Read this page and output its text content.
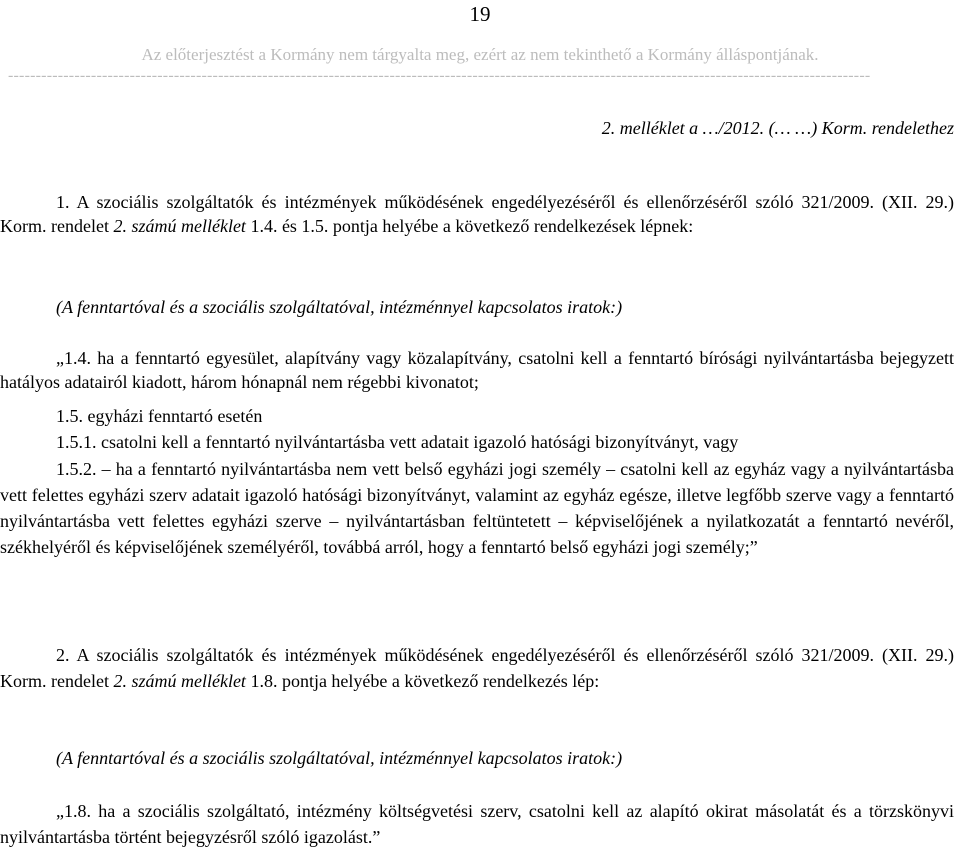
19
Az előterjesztést a Kormány nem tárgyalta meg, ezért az nem tekinthető a Kormány álláspontjának.
------------------------------------------------------------------------------------------------------------------------------------------------------------
2. melléklet a …/2012. (… …) Korm. rendelethez
1. A szociális szolgáltatók és intézmények működésének engedélyezéséről és ellenőrzéséről szóló 321/2009. (XII. 29.) Korm. rendelet 2. számú melléklet 1.4. és 1.5. pontja helyébe a következő rendelkezések lépnek:
(A fenntartóval és a szociális szolgáltatóval, intézménnyel kapcsolatos iratok:)
„1.4. ha a fenntartó egyesület, alapítvány vagy közalapítvány, csatolni kell a fenntartó bírósági nyilvántartásba bejegyzett hatályos adatairól kiadott, három hónapnál nem régebbi kivonatot;
1.5. egyházi fenntartó esetén
1.5.1. csatolni kell a fenntartó nyilvántartásba vett adatait igazoló hatósági bizonyítványt, vagy
1.5.2. – ha a fenntartó nyilvántartásba nem vett belső egyházi jogi személy – csatolni kell az egyház vagy a nyilvántartásba vett felettes egyházi szerv adatait igazoló hatósági bizonyítványt, valamint az egyház egésze, illetve legfőbb szerve vagy a fenntartó nyilvántartásba vett felettes egyházi szerve – nyilvántartásban feltüntetett – képviselőjének a nyilatkozatát a fenntartó nevéről, székhelyéről és képviselőjének személyéről, továbbá arról, hogy a fenntartó belső egyházi jogi személy;”
2. A szociális szolgáltatók és intézmények működésének engedélyezéséről és ellenőrzéséről szóló 321/2009. (XII. 29.) Korm. rendelet 2. számú melléklet 1.8. pontja helyébe a következő rendelkezés lép:
(A fenntartóval és a szociális szolgáltatóval, intézménnyel kapcsolatos iratok:)
„1.8. ha a szociális szolgáltató, intézmény költségvetési szerv, csatolni kell az alapító okirat másolatát és a törzskönyvi nyilvántartásba történt bejegyzésről szóló igazolást.”
